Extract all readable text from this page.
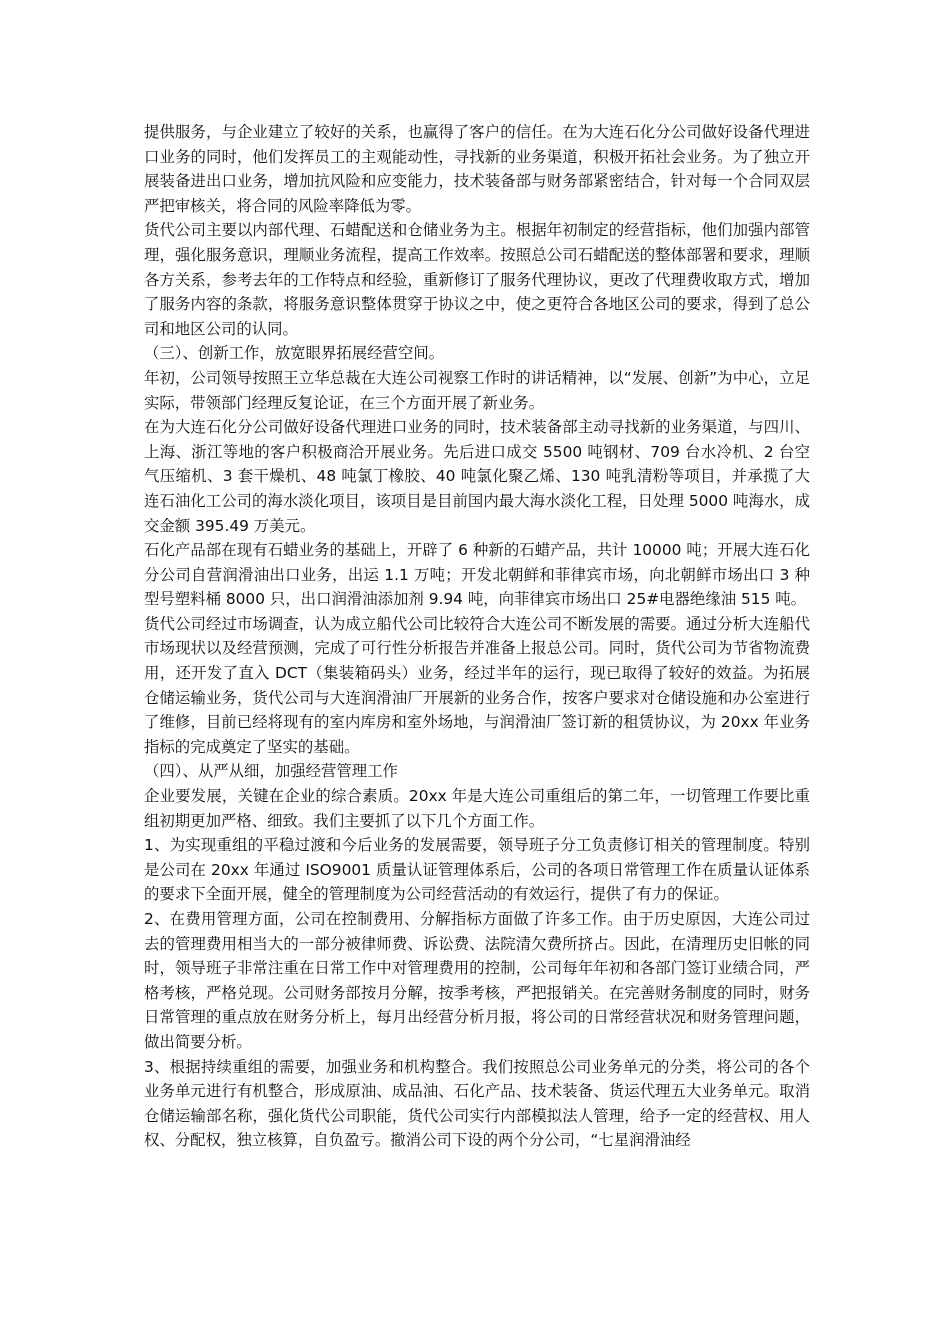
提供服务，与企业建立了较好的关系，也赢得了客户的信任。在为大连石化分公司做好设备代理进口业务的同时，他们发挥员工的主观能动性，寻找新的业务渠道，积极开拓社会业务。为了独立开展装备进出口业务，增加抗风险和应变能力，技术装备部与财务部紧密结合，针对每一个合同双层严把审核关，将合同的风险率降低为零。

货代公司主要以内部代理、石蜡配送和仓储业务为主。根据年初制定的经营指标，他们加强内部管理，强化服务意识，理顺业务流程，提高工作效率。按照总公司石蜡配送的整体部署和要求，理顺各方关系，参考去年的工作特点和经验，重新修订了服务代理协议，更改了代理费收取方式，增加了服务内容的条款，将服务意识整体贯穿于协议之中，使之更符合各地区公司的要求，得到了总公司和地区公司的认同。

（三）、创新工作，放宽眼界拓展经营空间。

年初，公司领导按照王立华总裁在大连公司视察工作时的讲话精神，以“发展、创新”为中心，立足实际，带领部门经理反复论证，在三个方面开展了新业务。

在为大连石化分公司做好设备代理进口业务的同时，技术装备部主动寻找新的业务渠道，与四川、上海、浙江等地的客户积极商洽开展业务。先后进口成交 5500 吨钢材、709 台水冷机、2 台空气压缩机、3 套干燥机、48 吨氯丁橡胶、40 吨氯化聚乙烯、130 吨乳清粉等项目，并承揽了大连石油化工公司的海水淡化项目，该项目是目前国内最大海水淡化工程，日处理 5000 吨海水，成交金额 395.49 万美元。

石化产品部在现有石蜡业务的基础上，开辟了 6 种新的石蜡产品，共计 10000 吨；开展大连石化分公司自营润滑油出口业务，出运 1.1 万吨；开发北朝鲜和菲律宾市场，向北朝鲜市场出口 3 种型号塑料桶 8000 只，出口润滑油添加剂 9.94 吨，向菲律宾市场出口 25#电器绝缘油 515 吨。

货代公司经过市场调查，认为成立船代公司比较符合大连公司不断发展的需要。通过分析大连船代市场现状以及经营预测，完成了可行性分析报告并准备上报总公司。同时，货代公司为节省物流费用，还开发了直入 DCT（集装箱码头）业务，经过半年的运行，现已取得了较好的效益。为拓展仓储运输业务，货代公司与大连润滑油厂开展新的业务合作，按客户要求对仓储设施和办公室进行了维修，目前已经将现有的室内库房和室外场地，与润滑油厂签订新的租赁协议，为 20xx 年业务指标的完成奠定了坚实的基础。

（四）、从严从细，加强经营管理工作

企业要发展，关键在企业的综合素质。20xx 年是大连公司重组后的第二年，一切管理工作要比重组初期更加严格、细致。我们主要抓了以下几个方面工作。

1、为实现重组的平稳过渡和今后业务的发展需要，领导班子分工负责修订相关的管理制度。特别是公司在 20xx 年通过 ISO9001 质量认证管理体系后，公司的各项日常管理工作在质量认证体系的要求下全面开展，健全的管理制度为公司经营活动的有效运行，提供了有力的保证。

2、在费用管理方面，公司在控制费用、分解指标方面做了许多工作。由于历史原因，大连公司过去的管理费用相当大的一部分被律师费、诉讼费、法院清欠费所挤占。因此，在清理历史旧帐的同时，领导班子非常注重在日常工作中对管理费用的控制，公司每年年初和各部门签订业绩合同，严格考核，严格兑现。公司财务部按月分解，按季考核，严把报销关。在完善财务制度的同时，财务日常管理的重点放在财务分析上，每月出经营分析月报，将公司的日常经营状况和财务管理问题，做出简要分析。

3、根据持续重组的需要，加强业务和机构整合。我们按照总公司业务单元的分类，将公司的各个业务单元进行有机整合，形成原油、成品油、石化产品、技术装备、货运代理五大业务单元。取消仓储运输部名称，强化货代公司职能，货代公司实行内部模拟法人管理，给予一定的经营权、用人权、分配权，独立核算，自负盈亏。撤消公司下设的两个分公司，“七星润滑油经
